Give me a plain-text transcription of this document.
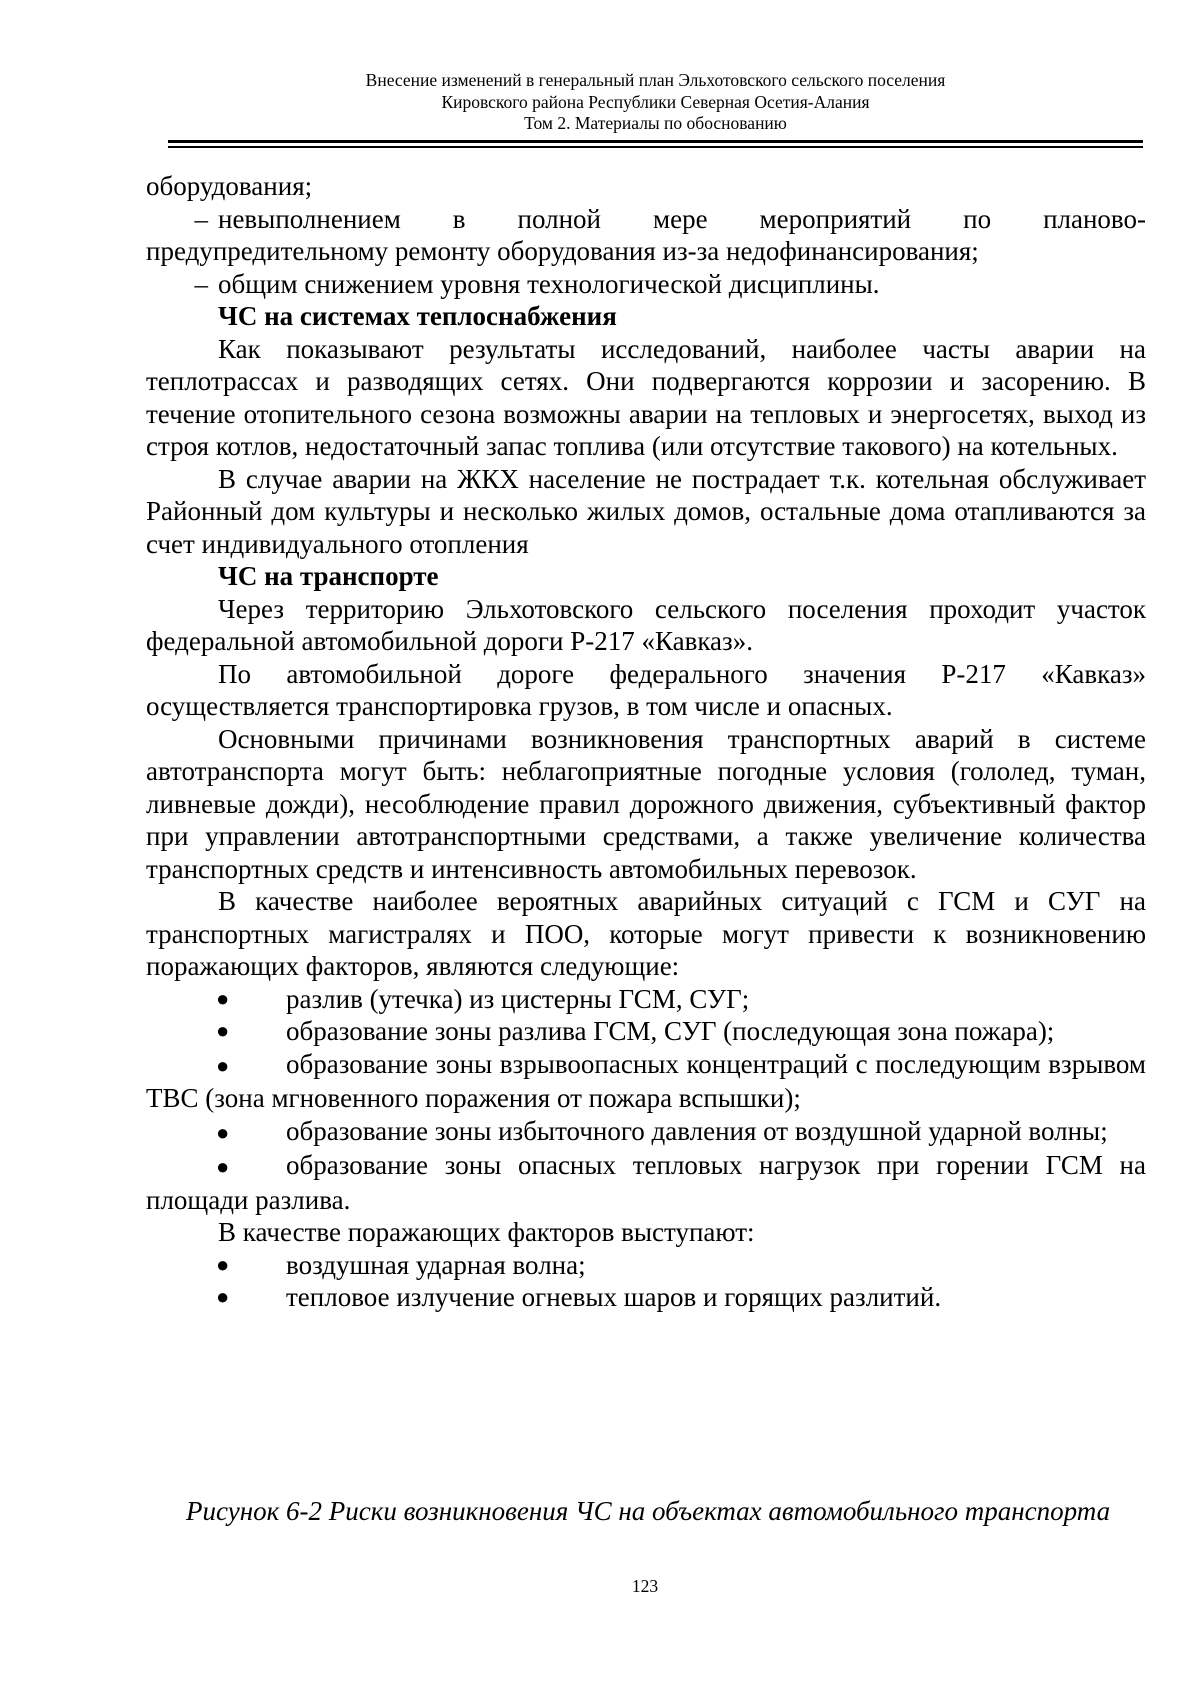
Внесение изменений в генеральный план Эльхотовского сельского поселения
Кировского района Республики Северная Осетия-Алания
Том 2. Материалы по обоснованию

оборудования;

– невыполнением в полной мере мероприятий по планово-

предупредительному ремонту оборудования из-за недофинансирования;

– общим снижением уровня технологической дисциплины.

ЧС на системах теплоснабжения

Как показывают результаты исследований, наиболее часты аварии на теплотрассах и разводящих сетях. Они подвергаются коррозии и засорению. В течение отопительного сезона возможны аварии на тепловых и энергосетях, выход из строя котлов, недостаточный запас топлива (или отсутствие такового) на котельных.

В случае аварии на ЖКХ население не пострадает т.к. котельная обслуживает Районный дом культуры и несколько жилых домов, остальные дома отапливаются за счет индивидуального отопления

ЧС на транспорте

Через территорию Эльхотовского сельского поселения проходит участок федеральной автомобильной дороги Р-217 «Кавказ».

По автомобильной дороге федерального значения Р-217 «Кавказ» осуществляется транспортировка грузов, в том числе и опасных.

Основными причинами возникновения транспортных аварий в системе автотранспорта могут быть: неблагоприятные погодные условия (гололед, туман, ливневые дожди), несоблюдение правил дорожного движения, субъективный фактор при управлении автотранспортными средствами, а также увеличение количества транспортных средств и интенсивность автомобильных перевозок.

В качестве наиболее вероятных аварийных ситуаций с ГСМ и СУГ на транспортных магистралях и ПОО, которые могут привести к возникновению поражающих факторов, являются следующие:

●	разлив (утечка) из цистерны ГСМ, СУГ;
●	образование зоны разлива ГСМ, СУГ (последующая зона пожара);

● образование зоны взрывоопасных концентраций с последующим взрывом ТВС (зона мгновенного поражения от пожара вспышки);

● образование зоны избыточного давления от воздушной ударной волны;

● образование зоны опасных тепловых нагрузок при горении ГСМ на площади разлива.

В качестве поражающих факторов выступают:

●	воздушная ударная волна;
●	тепловое излучение огневых шаров и горящих разлитий.
Рисунок 6-2 Риски возникновения ЧС на объектах автомобильного транспорта
123
